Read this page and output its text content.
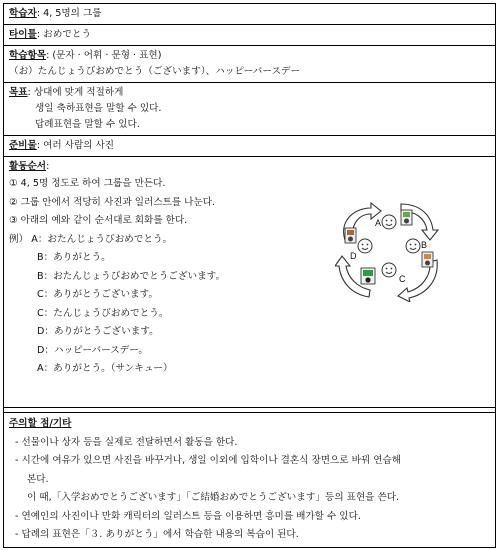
학습자: 4, 5명의 그룹
타이틀: おめでとう
학습항목: (문자 · 어휘 · 문형 · 표현)
（お）たんじょうびおめでとう（ございます）、ハッピーバースデー
목표: 상대에 맞게 적절하게
생일 축하표현을 말할 수 있다.
답례표현을 말할 수 있다.
준비물: 여러 사람의 사진
활동순서:
① 4, 5명 정도로 하여 그룹을 만든다.
② 그룹 안에서 적당히 사진과 일러스트를 나눈다.
③ 아래의 예와 같이 순서대로 회화를 한다.
例） A：おたんじょうびおめでとう。
B：ありがとう。
B：おたんじょうびおめでとうございます。
C：ありがとうございます。
C：たんじょうびおめでとう。
D：ありがとうございます。
D：ハッピーバースデー。
A：ありがとう。（サンキュー）
A
B
C
D
주의할 점/기타
- 선물이나 상자 등을 실제로 전달하면서 활동을 한다.
- 시간에 여유가 있으면 사진을 바꾸거나, 생일 이외에 입학이나 결혼식 장면으로 바꿔 연습해
본다.
이 때,「入学おめでとうございます」「ご結婚おめでとうございます」등의 표현을 쓴다.
- 연예인의 사진이나 만화 캐릭터의 일러스트 등을 이용하면 흥미를 배가할 수 있다.
- 답례의 표현은「３. ありがとう」에서 학습한 내용의 복습이 된다.
